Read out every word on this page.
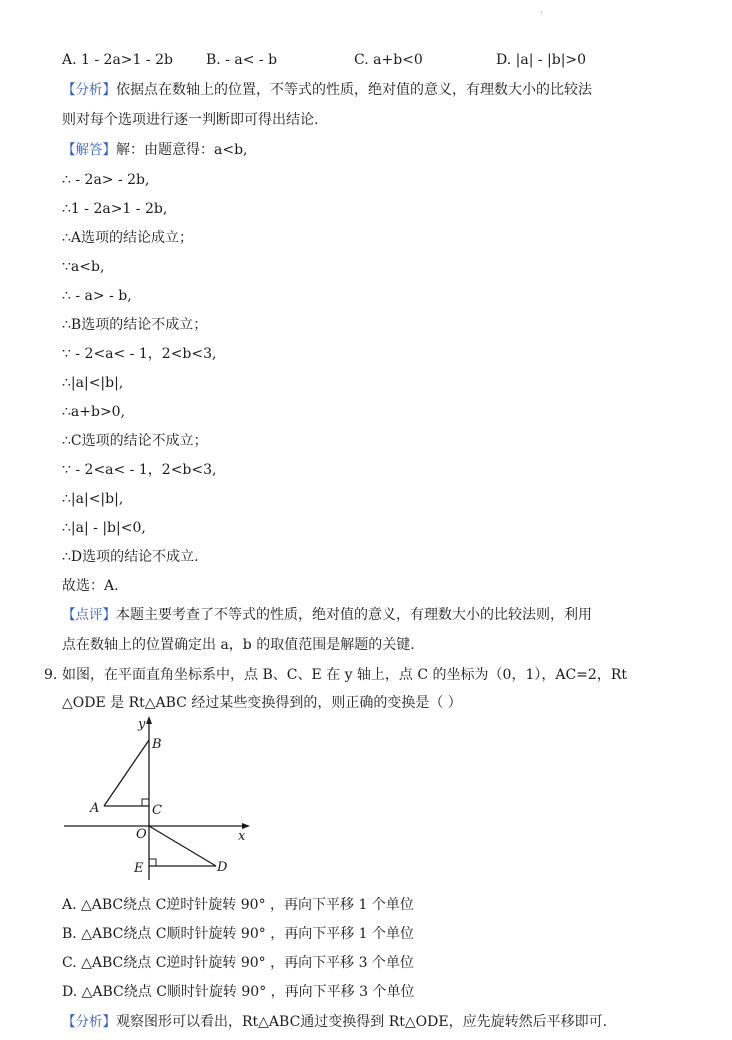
·
A. 1 - 2a>1 - 2b B. - a< - b	C. a+b<0	D. |a| - |b|>0
【分析】依据点在数轴上的位置，不等式的性质，绝对值的意义，有理数大小的比较法
则对每个选项进行逐一判断即可得出结论.
【解答】解：由题意得：a<b,
∴ - 2a> - 2b,
∴1 - 2a>1 - 2b,
∴A选项的结论成立；
∵a<b,
∴ - a> - b,
∴B选项的结论不成立；
∵ - 2<a< - 1，2<b<3,
∴|a|<|b|,
∴a+b>0,
∴C选项的结论不成立；
∵ - 2<a< - 1，2<b<3,
∴|a|<|b|,
∴|a| - |b|<0,
∴D选项的结论不成立.
故选：A.
【点评】本题主要考查了不等式的性质，绝对值的意义，有理数大小的比较法则，利用
点在数轴上的位置确定出 a，b 的取值范围是解题的关键.
9. 如图，在平面直角坐标系中，点 B、C、E 在 y 轴上，点 C 的坐标为（0，1），AC=2，Rt
△ODE 是 Rt△ABC 经过某些变换得到的，则正确的变换是（ ）
y
x
B
A	C
O
E	D
A. △ABC绕点 C逆时针旋转 90° ，再向下平移 1 个单位
B. △ABC绕点 C顺时针旋转 90° ，再向下平移 1 个单位
C. △ABC绕点 C逆时针旋转 90° ，再向下平移 3 个单位
D. △ABC绕点 C顺时针旋转 90° ，再向下平移 3 个单位
【分析】观察图形可以看出，Rt△ABC通过变换得到 Rt△ODE，应先旋转然后平移即可.
